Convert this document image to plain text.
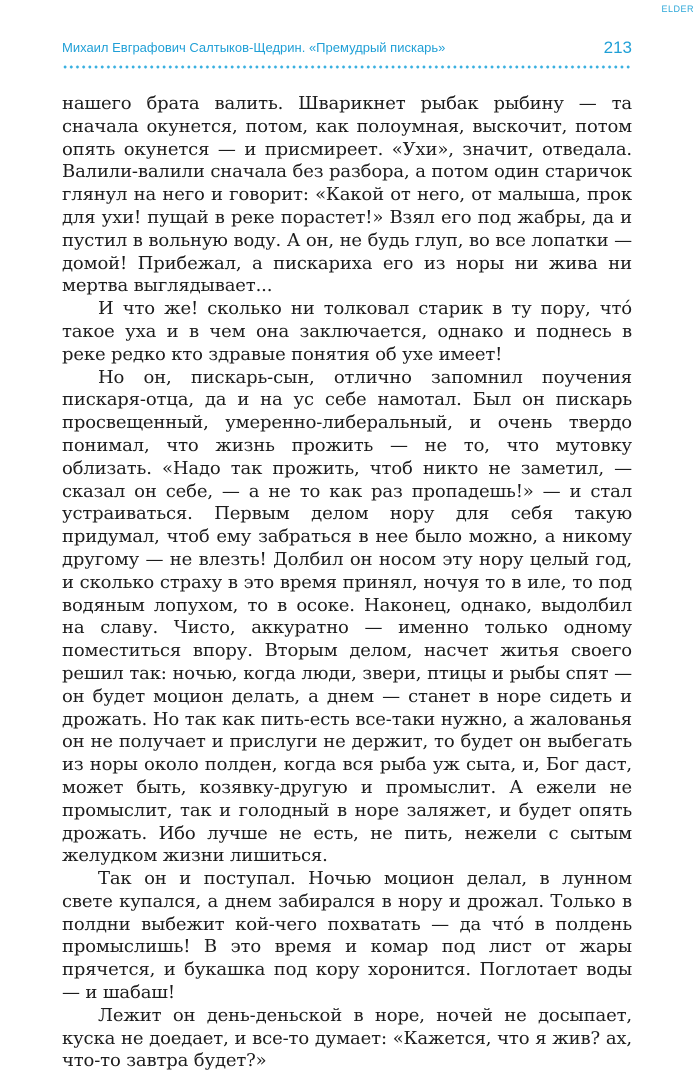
ELDER
Михаил Евграфович Салтыков-Щедрин. «Премудрый пискарь»	213

нашего брата валить. Шварикнет рыбак рыбину — та сначала окунется, потом, как полоумная, выскочит, потом опять окунется — и присмиреет. «Ухи», значит, отведала. Валили-валили сначала без разбора, а потом один старичок глянул на него и говорит: «Какой от него, от малыша, прок для ухи! пущай в реке порастет!» Взял его под жабры, да и пустил в вольную воду. А он, не будь глуп, во все лопатки — домой! Прибежал, а пискариха его из норы ни жива ни мертва выглядывает...

И что же! сколько ни толковал старик в ту пору, что́ такое уха и в чем она заключается, однако и поднесь в реке редко кто здравые понятия об ухе имеет!

Но он, пискарь-сын, отлично запомнил поучения пискаря-отца, да и на ус себе намотал. Был он пискарь просвещенный, умеренно-либеральный, и очень твердо понимал, что жизнь прожить — не то, что мутовку облизать. «Надо так прожить, чтоб никто не заметил, — сказал он себе, — а не то как раз пропадешь!» — и стал устраиваться. Первым делом нору для себя такую придумал, чтоб ему забраться в нее было можно, а никому другому — не влезть! Долбил он носом эту нору целый год, и сколько страху в это время принял, ночуя то в иле, то под водяным лопухом, то в осоке. Наконец, однако, выдолбил на славу. Чисто, аккуратно — именно только одному поместиться впору. Вторым делом, насчет житья своего решил так: ночью, когда люди, звери, птицы и рыбы спят — он будет моцион делать, а днем — станет в норе сидеть и дрожать. Но так как пить-есть все-таки нужно, а жалованья он не получает и прислуги не держит, то будет он выбегать из норы около полден, когда вся рыба уж сыта, и, Бог даст, может быть, козявку-другую и промыслит. А ежели не промыслит, так и голодный в норе заляжет, и будет опять дрожать. Ибо лучше не есть, не пить, нежели с сытым желудком жизни лишиться.

Так он и поступал. Ночью моцион делал, в лунном свете купался, а днем забирался в нору и дрожал. Только в полдни выбежит кой-чего похватать — да что́ в полдень промыслишь! В это время и комар под лист от жары прячется, и букашка под кору хоронится. Поглотает воды — и шабаш!

Лежит он день-деньской в норе, ночей не досыпает, куска не доедает, и все-то думает: «Кажется, что я жив? ах, что-то завтра будет?»
